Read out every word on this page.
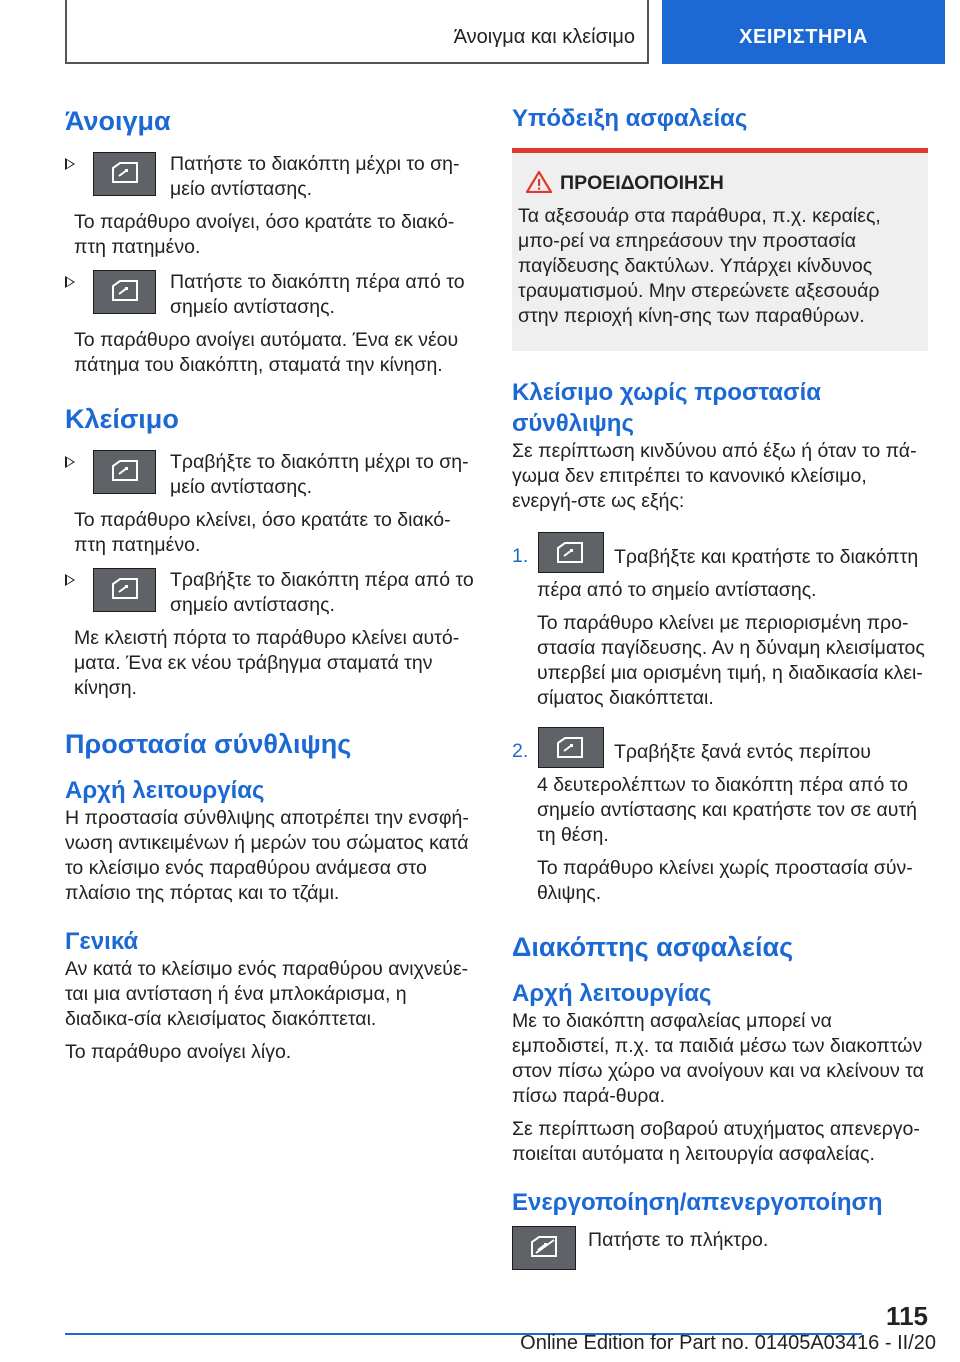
Άνοιγμα και κλείσιμο	ΧΕΙΡΙΣΤΗΡΙΑ
Άνοιγμα

Πατήστε το διακόπτη μέχρι το ση‐μείο αντίστασης.

Το παράθυρο ανοίγει, όσο κρατάτε το διακό‐πτη πατημένο.

Πατήστε το διακόπτη πέρα από το σημείο αντίστασης.

Το παράθυρο ανοίγει αυτόματα. Ένα εκ νέου πάτημα του διακόπτη, σταματά την κίνηση.

Κλείσιμο

Τραβήξτε το διακόπτη μέχρι το ση‐μείο αντίστασης.

Το παράθυρο κλείνει, όσο κρατάτε το διακό‐πτη πατημένο.

Τραβήξτε το διακόπτη πέρα από το σημείο αντίστασης.

Με κλειστή πόρτα το παράθυρο κλείνει αυτό‐ματα. Ένα εκ νέου τράβηγμα σταματά την κίνηση.

Προστασία σύνθλιψης
Αρχή λειτουργίας

Η προστασία σύνθλιψης αποτρέπει την ενσφή‐νωση αντικειμένων ή μερών του σώματος κατά το κλείσιμο ενός παραθύρου ανάμεσα στο πλαίσιο της πόρτας και το τζάμι.

Γενικά

Αν κατά το κλείσιμο ενός παραθύρου ανιχνεύε‐ται μια αντίσταση ή ένα μπλοκάρισμα, η διαδικα‐σία κλεισίματος διακόπτεται.

Το παράθυρο ανοίγει λίγο.

Υπόδειξη ασφαλείας
ΠΡΟΕΙΔΟΠΟΙΗΣΗ

Τα αξεσουάρ στα παράθυρα, π.χ. κεραίες, μπο‐ρεί να επηρεάσουν την προστασία παγίδευσης δακτύλων. Υπάρχει κίνδυνος τραυματισμού. Μην στερεώνετε αξεσουάρ στην περιοχή κίνη‐σης των παραθύρων.

Κλείσιμο χωρίς προστασία σύνθλιψης

Σε περίπτωση κινδύνου από έξω ή όταν το πά‐γωμα δεν επιτρέπει το κανονικό κλείσιμο, ενεργή‐στε ως εξής:

1.	Τραβήξτε και κρατήστε το διακόπτη

πέρα από το σημείο αντίστασης.

Το παράθυρο κλείνει με περιορισμένη προ‐στασία παγίδευσης. Αν η δύναμη κλεισίματος υπερβεί μια ορισμένη τιμή, η διαδικασία κλει‐σίματος διακόπτεται.

2.	Τραβήξτε ξανά εντός περίπου

4 δευτερολέπτων το διακόπτη πέρα από το σημείο αντίστασης και κρατήστε τον σε αυτή τη θέση.

Το παράθυρο κλείνει χωρίς προστασία σύν‐θλιψης.

Διακόπτης ασφαλείας
Αρχή λειτουργίας

Με το διακόπτη ασφαλείας μπορεί να εμποδιστεί, π.χ. τα παιδιά μέσω των διακοπτών στον πίσω χώρο να ανοίγουν και να κλείνουν τα πίσω παρά‐θυρα.

Σε περίπτωση σοβαρού ατυχήματος απενεργο‐ποιείται αυτόματα η λειτουργία ασφαλείας.

Ενεργοποίηση/απενεργοποίηση

Πατήστε το πλήκτρο.

115
Online Edition for Part no. 01405A03416 - II/20
